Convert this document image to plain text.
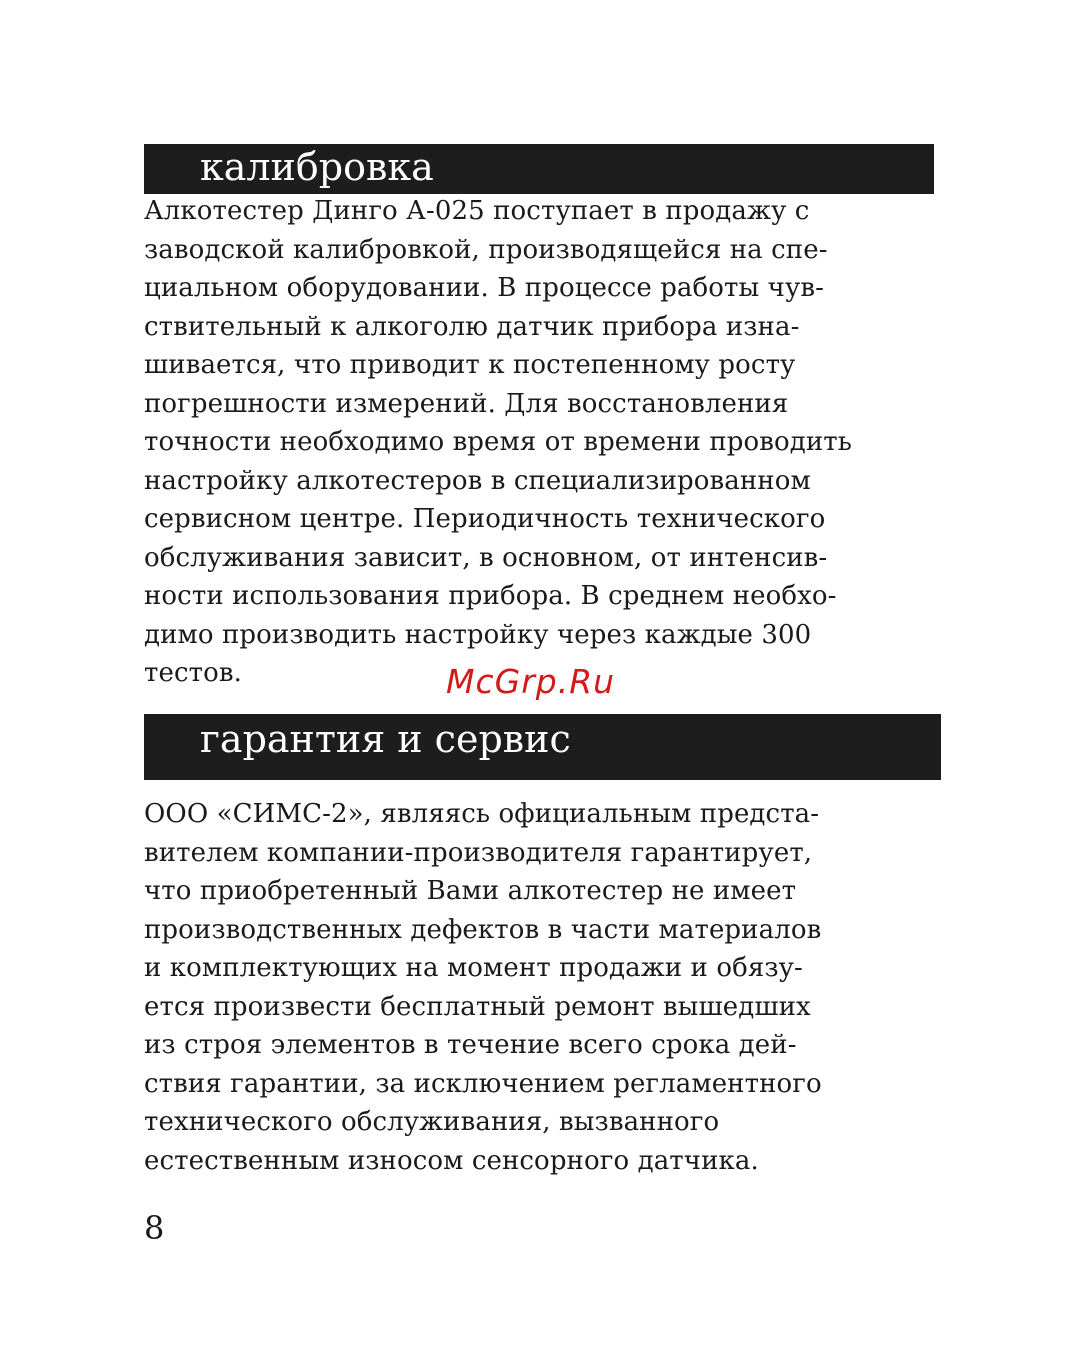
калибровка

Алкотестер Динго А-025 поступает в продажу с
заводской калибровкой, производящейся на спе-
циальном оборудовании. В процессе работы чув-
ствительный к алкоголю датчик прибора изна-
шивается, что приводит к постепенному росту
погрешности измерений. Для восстановления
точности необходимо время от времени проводить
настройку алкотестеров в специализированном
сервисном центре. Периодичность технического
обслуживания зависит, в основном, от интенсив-
ности использования прибора. В среднем необхо-
димо производить настройку через каждые 300
тестов.	McGrp.Ru
гарантия и сервис

ООО «СИМС-2», являясь официальным предста-
вителем компании-производителя гарантирует,
что приобретенный Вами алкотестер не имеет
производственных дефектов в части материалов
и комплектующих на момент продажи и обязу-
ется произвести бесплатный ремонт вышедших
из строя элементов в течение всего срока дей-
ствия гарантии, за исключением регламентного
технического обслуживания, вызванного
естественным износом сенсорного датчика.

8
